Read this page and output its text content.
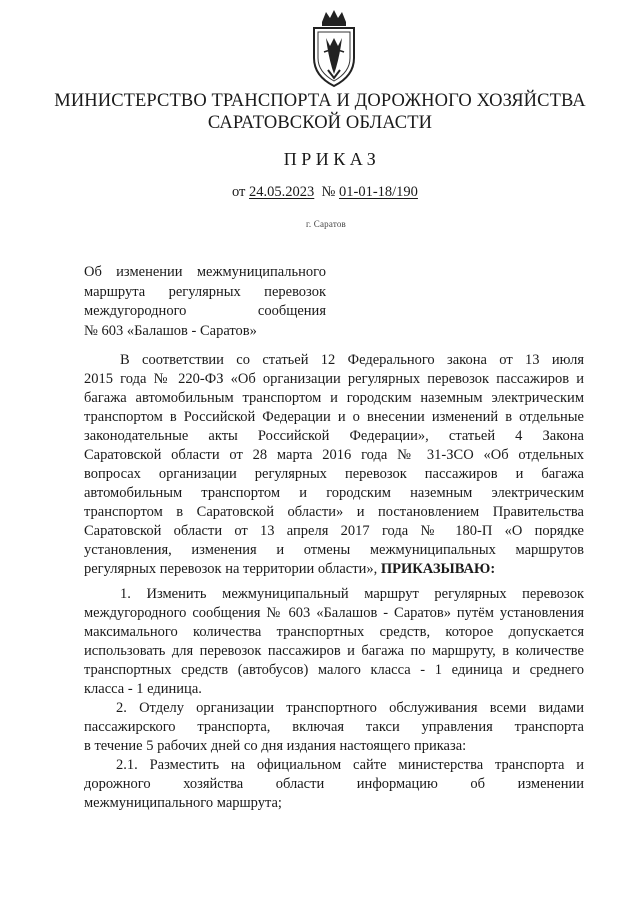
МИНИСТЕРСТВО ТРАНСПОРТА И ДОРОЖНОГО ХОЗЯЙСТВА
САРАТОВСКОЙ ОБЛАСТИ
ПРИКАЗ
от 24.05.2023 № 01-01-18/190
г. Саратов
Об изменении межмуниципального
маршрута регулярных перевозок
междугородного сообщения
№ 603 «Балашов - Саратов»
В соответствии со статьей 12 Федерального закона от 13 июля
2015 года № 220-ФЗ «Об организации регулярных перевозок пассажиров и
багажа автомобильным транспортом и городским наземным электрическим
транспортом в Российской Федерации и о внесении изменений в отдельные
законодательные акты Российской Федерации», статьей 4 Закона
Саратовской области от 28 марта 2016 года № 31-ЗСО «Об отдельных
вопросах организации регулярных перевозок пассажиров и багажа
автомобильным транспортом и городским наземным электрическим
транспортом в Саратовской области» и постановлением Правительства
Саратовской области от 13 апреля 2017 года № 180-П «О порядке
установления, изменения и отмены межмуниципальных маршрутов
регулярных перевозок на территории области», ПРИКАЗЫВАЮ:
1. Изменить межмуниципальный маршрут регулярных перевозок
междугородного сообщения № 603 «Балашов - Саратов» путём установления
максимального количества транспортных средств, которое допускается
использовать для перевозок пассажиров и багажа по маршруту, в количестве
транспортных средств (автобусов) малого класса - 1 единица и среднего
класса - 1 единица.
2. Отделу организации транспортного обслуживания всеми видами
пассажирского транспорта, включая такси управления транспорта
в течение 5 рабочих дней со дня издания настоящего приказа:
2.1. Разместить на официальном сайте министерства транспорта и
дорожного хозяйства области информацию об изменении
межмуниципального маршрута;
